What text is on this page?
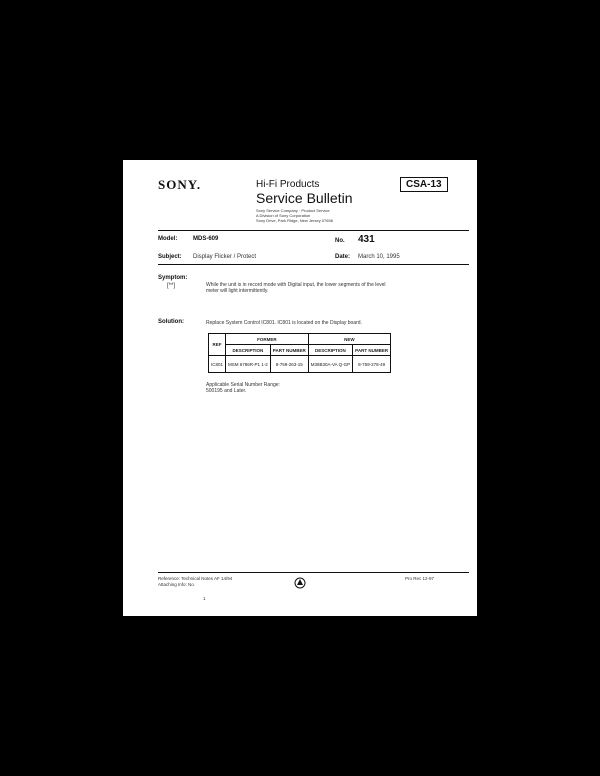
SONY.	Hi-Fi Products
Service Bulletin
Sony Service Company · Product Service
A Division of Sony Corporation
Sony Drive, Park Ridge, New Jersey 07656
CSA-13
Model:	MDS-609	No. 431
Subject: Display Flicker / Protect	Date: March 10, 1995
Symptom:
[**]	While the unit is in record mode with Digital input, the lower segments of the level
meter will light intermittently.
Solution:	Replace System Control IC801. IC801 is located on the Display board.
REF	FORMER		NEW	
	DESCRIPTION	PART NUMBER	DESCRIPTION	PART NUMBER
IC801	MSM 6786R-P1 1-2	8-759-263-15	M38B30A-VA Q-GP	8-759-278-49
Applicable Serial Number Range:
500195 and Later.
Reference: Technical Notes AF 14/94
Attaching Info: No.
Pro Rec 12-97
1
